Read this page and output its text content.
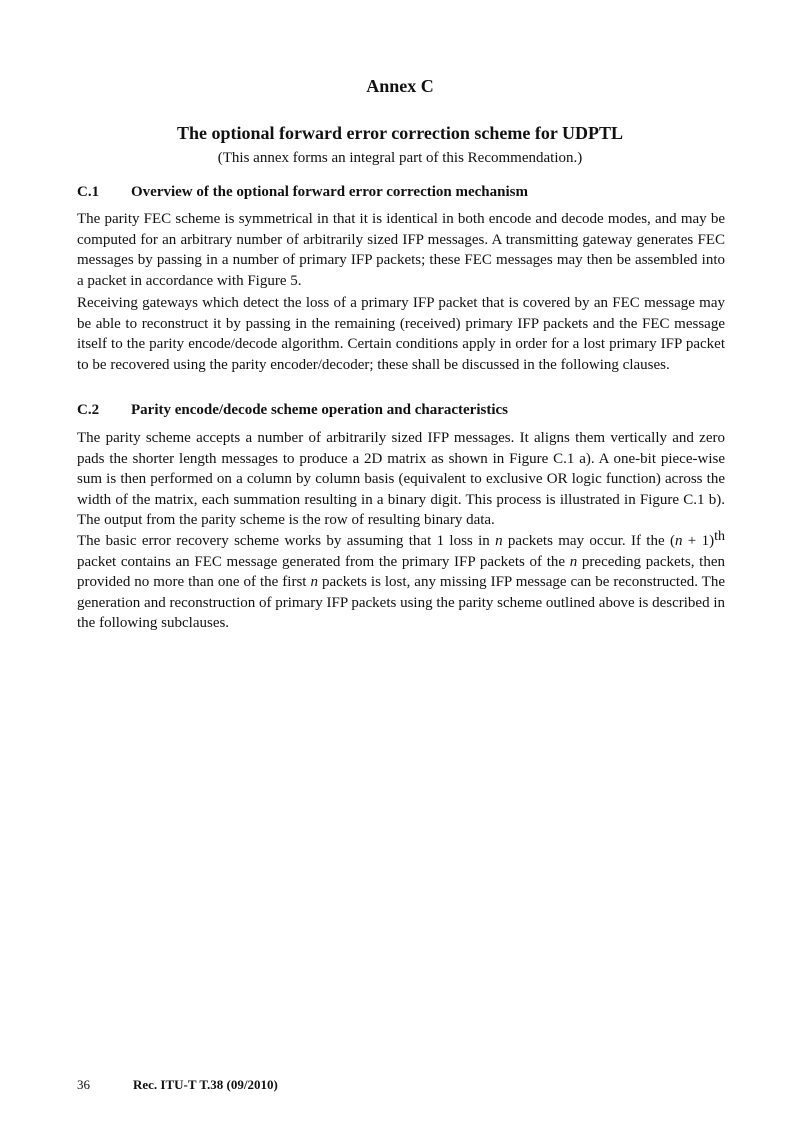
Annex C
The optional forward error correction scheme for UDPTL
(This annex forms an integral part of this Recommendation.)
C.1 Overview of the optional forward error correction mechanism

The parity FEC scheme is symmetrical in that it is identical in both encode and decode modes, and may be computed for an arbitrary number of arbitrarily sized IFP messages. A transmitting gateway generates FEC messages by passing in a number of primary IFP packets; these FEC messages may then be assembled into a packet in accordance with Figure 5.

Receiving gateways which detect the loss of a primary IFP packet that is covered by an FEC message may be able to reconstruct it by passing in the remaining (received) primary IFP packets and the FEC message itself to the parity encode/decode algorithm. Certain conditions apply in order for a lost primary IFP packet to be recovered using the parity encoder/decoder; these shall be discussed in the following clauses.

C.2 Parity encode/decode scheme operation and characteristics

The parity scheme accepts a number of arbitrarily sized IFP messages. It aligns them vertically and zero pads the shorter length messages to produce a 2D matrix as shown in Figure C.1 a). A one-bit piece-wise sum is then performed on a column by column basis (equivalent to exclusive OR logic function) across the width of the matrix, each summation resulting in a binary digit. This process is illustrated in Figure C.1 b). The output from the parity scheme is the row of resulting binary data.

The basic error recovery scheme works by assuming that 1 loss in n packets may occur. If the $(n + 1)^{th}$ packet contains an FEC message generated from the primary IFP packets of the n preceding packets, then provided no more than one of the first n packets is lost, any missing IFP message can be reconstructed. The generation and reconstruction of primary IFP packets using the parity scheme outlined above is described in the following subclauses.

36	Rec. ITU-T T.38 (09/2010)
